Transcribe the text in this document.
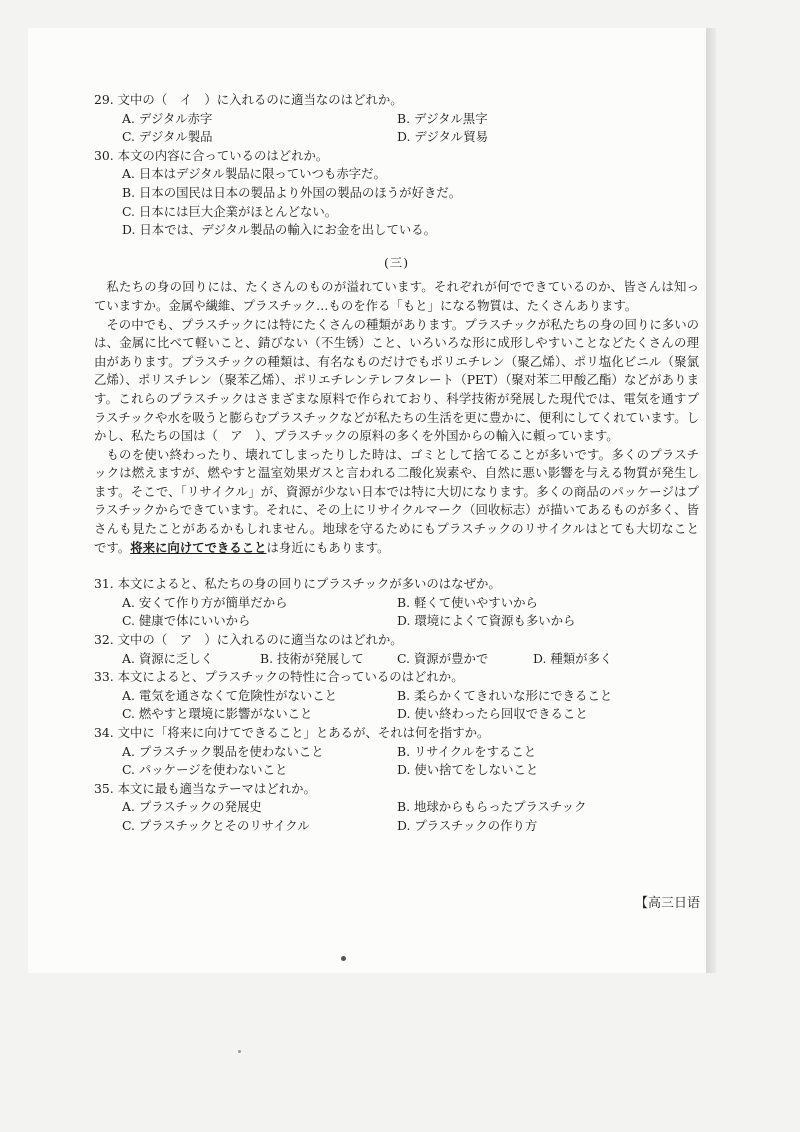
29. 文中の（　イ　）に入れるのに適当なのはどれか。
A. デジタル赤字	B. デジタル黒字
C. デジタル製品	D. デジタル貿易
30. 本文の内容に合っているのはどれか。
A. 日本はデジタル製品に限っていつも赤字だ。
B. 日本の国民は日本の製品より外国の製品のほうが好きだ。
C. 日本には巨大企業がほとんどない。
D. 日本では、デジタル製品の輸入にお金を出している。
(三)

私たちの身の回りには、たくさんのものが溢れています。それぞれが何でできているのか、皆さんは知っていますか。金属や繊維、プラスチック…ものを作る「もと」になる物質は、たくさんあります。

その中でも、プラスチックには特にたくさんの種類があります。プラスチックが私たちの身の回りに多いのは、金属に比べて軽いこと、錆びない（不生锈）こと、いろいろな形に成形しやすいことなどたくさんの理由があります。プラスチックの種類は、有名なものだけでもポリエチレン（聚乙烯）、ポリ塩化ビニル（聚氯乙烯）、ポリスチレン（聚苯乙烯）、ポリエチレンテレフタレート（PET）（聚对苯二甲酸乙酯）などがあります。これらのプラスチックはさまざまな原料で作られており、科学技術が発展した現代では、電気を通すプラスチックや水を吸うと膨らむプラスチックなどが私たちの生活を更に豊かに、便利にしてくれています。しかし、私たちの国は（　ア　）、プラスチックの原料の多くを外国からの輸入に頼っています。

ものを使い終わったり、壊れてしまったりした時は、ゴミとして捨てることが多いです。多くのプラスチックは燃えますが、燃やすと温室効果ガスと言われる二酸化炭素や、自然に悪い影響を与える物質が発生します。そこで、「リサイクル」が、資源が少ない日本では特に大切になります。多くの商品のパッケージはプラスチックからできています。それに、その上にリサイクルマーク（回收标志）が描いてあるものが多く、皆さんも見たことがあるかもしれません。地球を守るためにもプラスチックのリサイクルはとても大切なことです。将来に向けてできることは身近にもあります。

31. 本文によると、私たちの身の回りにプラスチックが多いのはなぜか。
A. 安くて作り方が簡単だから	B. 軽くて使いやすいから
C. 健康で体にいいから	D. 環境によくて資源も多いから
32. 文中の（　ア　）に入れるのに適当なのはどれか。
A. 資源に乏しく	B. 技術が発展して	C. 資源が豊かで	D. 種類が多く
33. 本文によると、プラスチックの特性に合っているのはどれか。
A. 電気を通さなくて危険性がないこと	B. 柔らかくてきれいな形にできること
C. 燃やすと環境に影響がないこと	D. 使い終わったら回収できること
34. 文中に「将来に向けてできること」とあるが、それは何を指すか。
A. プラスチック製品を使わないこと	B. リサイクルをすること
C. パッケージを使わないこと	D. 使い捨てをしないこと
35. 本文に最も適当なテーマはどれか。
A. プラスチックの発展史	B. 地球からもらったプラスチック
C. プラスチックとそのリサイクル	D. プラスチックの作り方
【高三日语
